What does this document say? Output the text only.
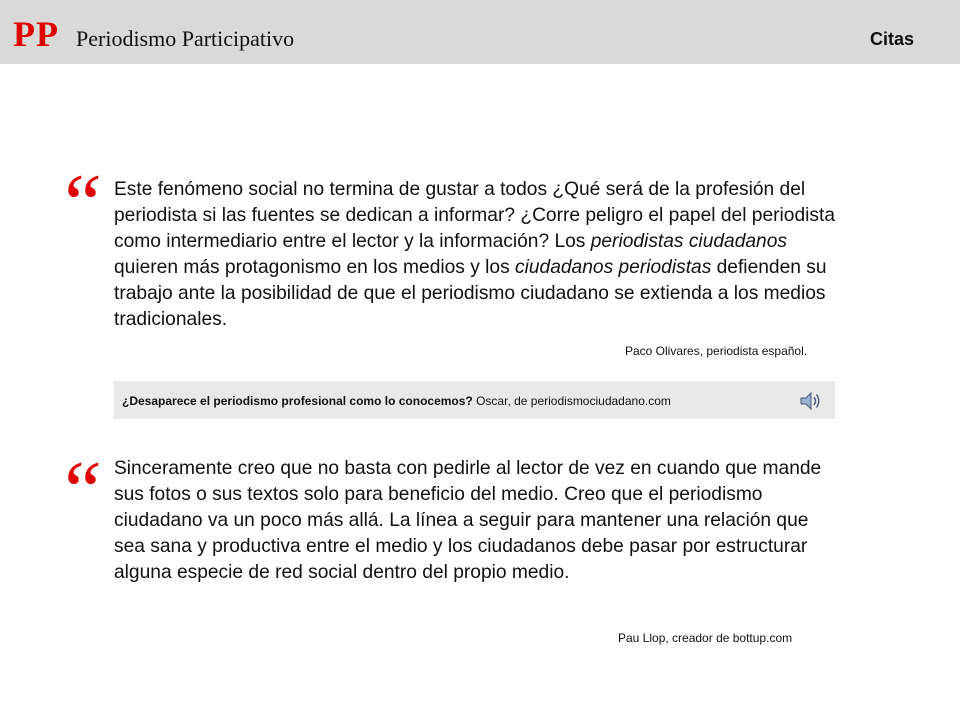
PP Periodismo Participativo	Citas
“ Este fenómeno social no termina de gustar a todos ¿Qué será de la profesión del periodista si las fuentes se dedican a informar? ¿Corre peligro el papel del periodista como intermediario entre el lector y la información? Los periodistas ciudadanos quieren más protagonismo en los medios y los ciudadanos periodistas defienden su trabajo ante la posibilidad de que el periodismo ciudadano se extienda a los medios tradicionales.
Paco Olivares, periodista español.
¿Desaparece el periodismo profesional como lo conocemos? Oscar, de periodismociudadano.com
“ Sinceramente creo que no basta con pedirle al lector de vez en cuando que mande sus fotos o sus textos solo para beneficio del medio. Creo que el periodismo ciudadano va un poco más allá. La línea a seguir para mantener una relación que sea sana y productiva entre el medio y los ciudadanos debe pasar por estructurar alguna especie de red social dentro del propio medio.
Pau Llop, creador de bottup.com
